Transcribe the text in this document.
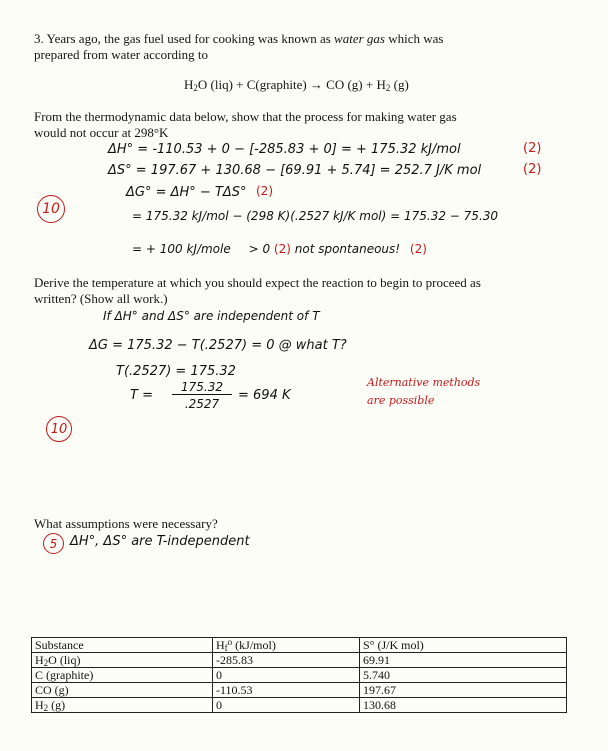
3. Years ago, the gas fuel used for cooking was known as water gas which was
prepared from water according to
$H_2O$ (liq) + C(graphite) → CO $(g) + H_2$ (g)
From the thermodynamic data below, show that the process for making water gas
would not occur at 298°K
ΔH° = -110.53 + 0 − [-285.83 + 0] = + 175.32 kJ/mol	(2)
ΔS° = 197.67 + 130.68 − [69.91 + 5.74] = 252.7 J/K mol	(2)
10
ΔG° = ΔH° − TΔS° (2)
= 175.32 kJ/mol − (298 K)(.2527 kJ/K mol) = 175.32 − 75.30
= + 100 kJ/mole > 0 (2) not spontaneous! (2)
Derive the temperature at which you should expect the reaction to begin to proceed as
written? (Show all work.)
If ΔH° and ΔS° are independent of T
ΔG = 175.32 − T(.2527) = 0 @ what T?
T(.2527) = 175.32
T =
175.32
.2527
= 694 K
Alternative methods
are possible
10
What assumptions were necessary?
5 ΔH°, ΔS° are T-independent
Substance	$H_f^o$ (kJ/mol)	S° (J/K mol)
$H_2O$ (liq)	-285.83	69.91
C (graphite)	0	5.740
CO (g)	-110.53	197.67
$H_2$ (g)	0	130.68
